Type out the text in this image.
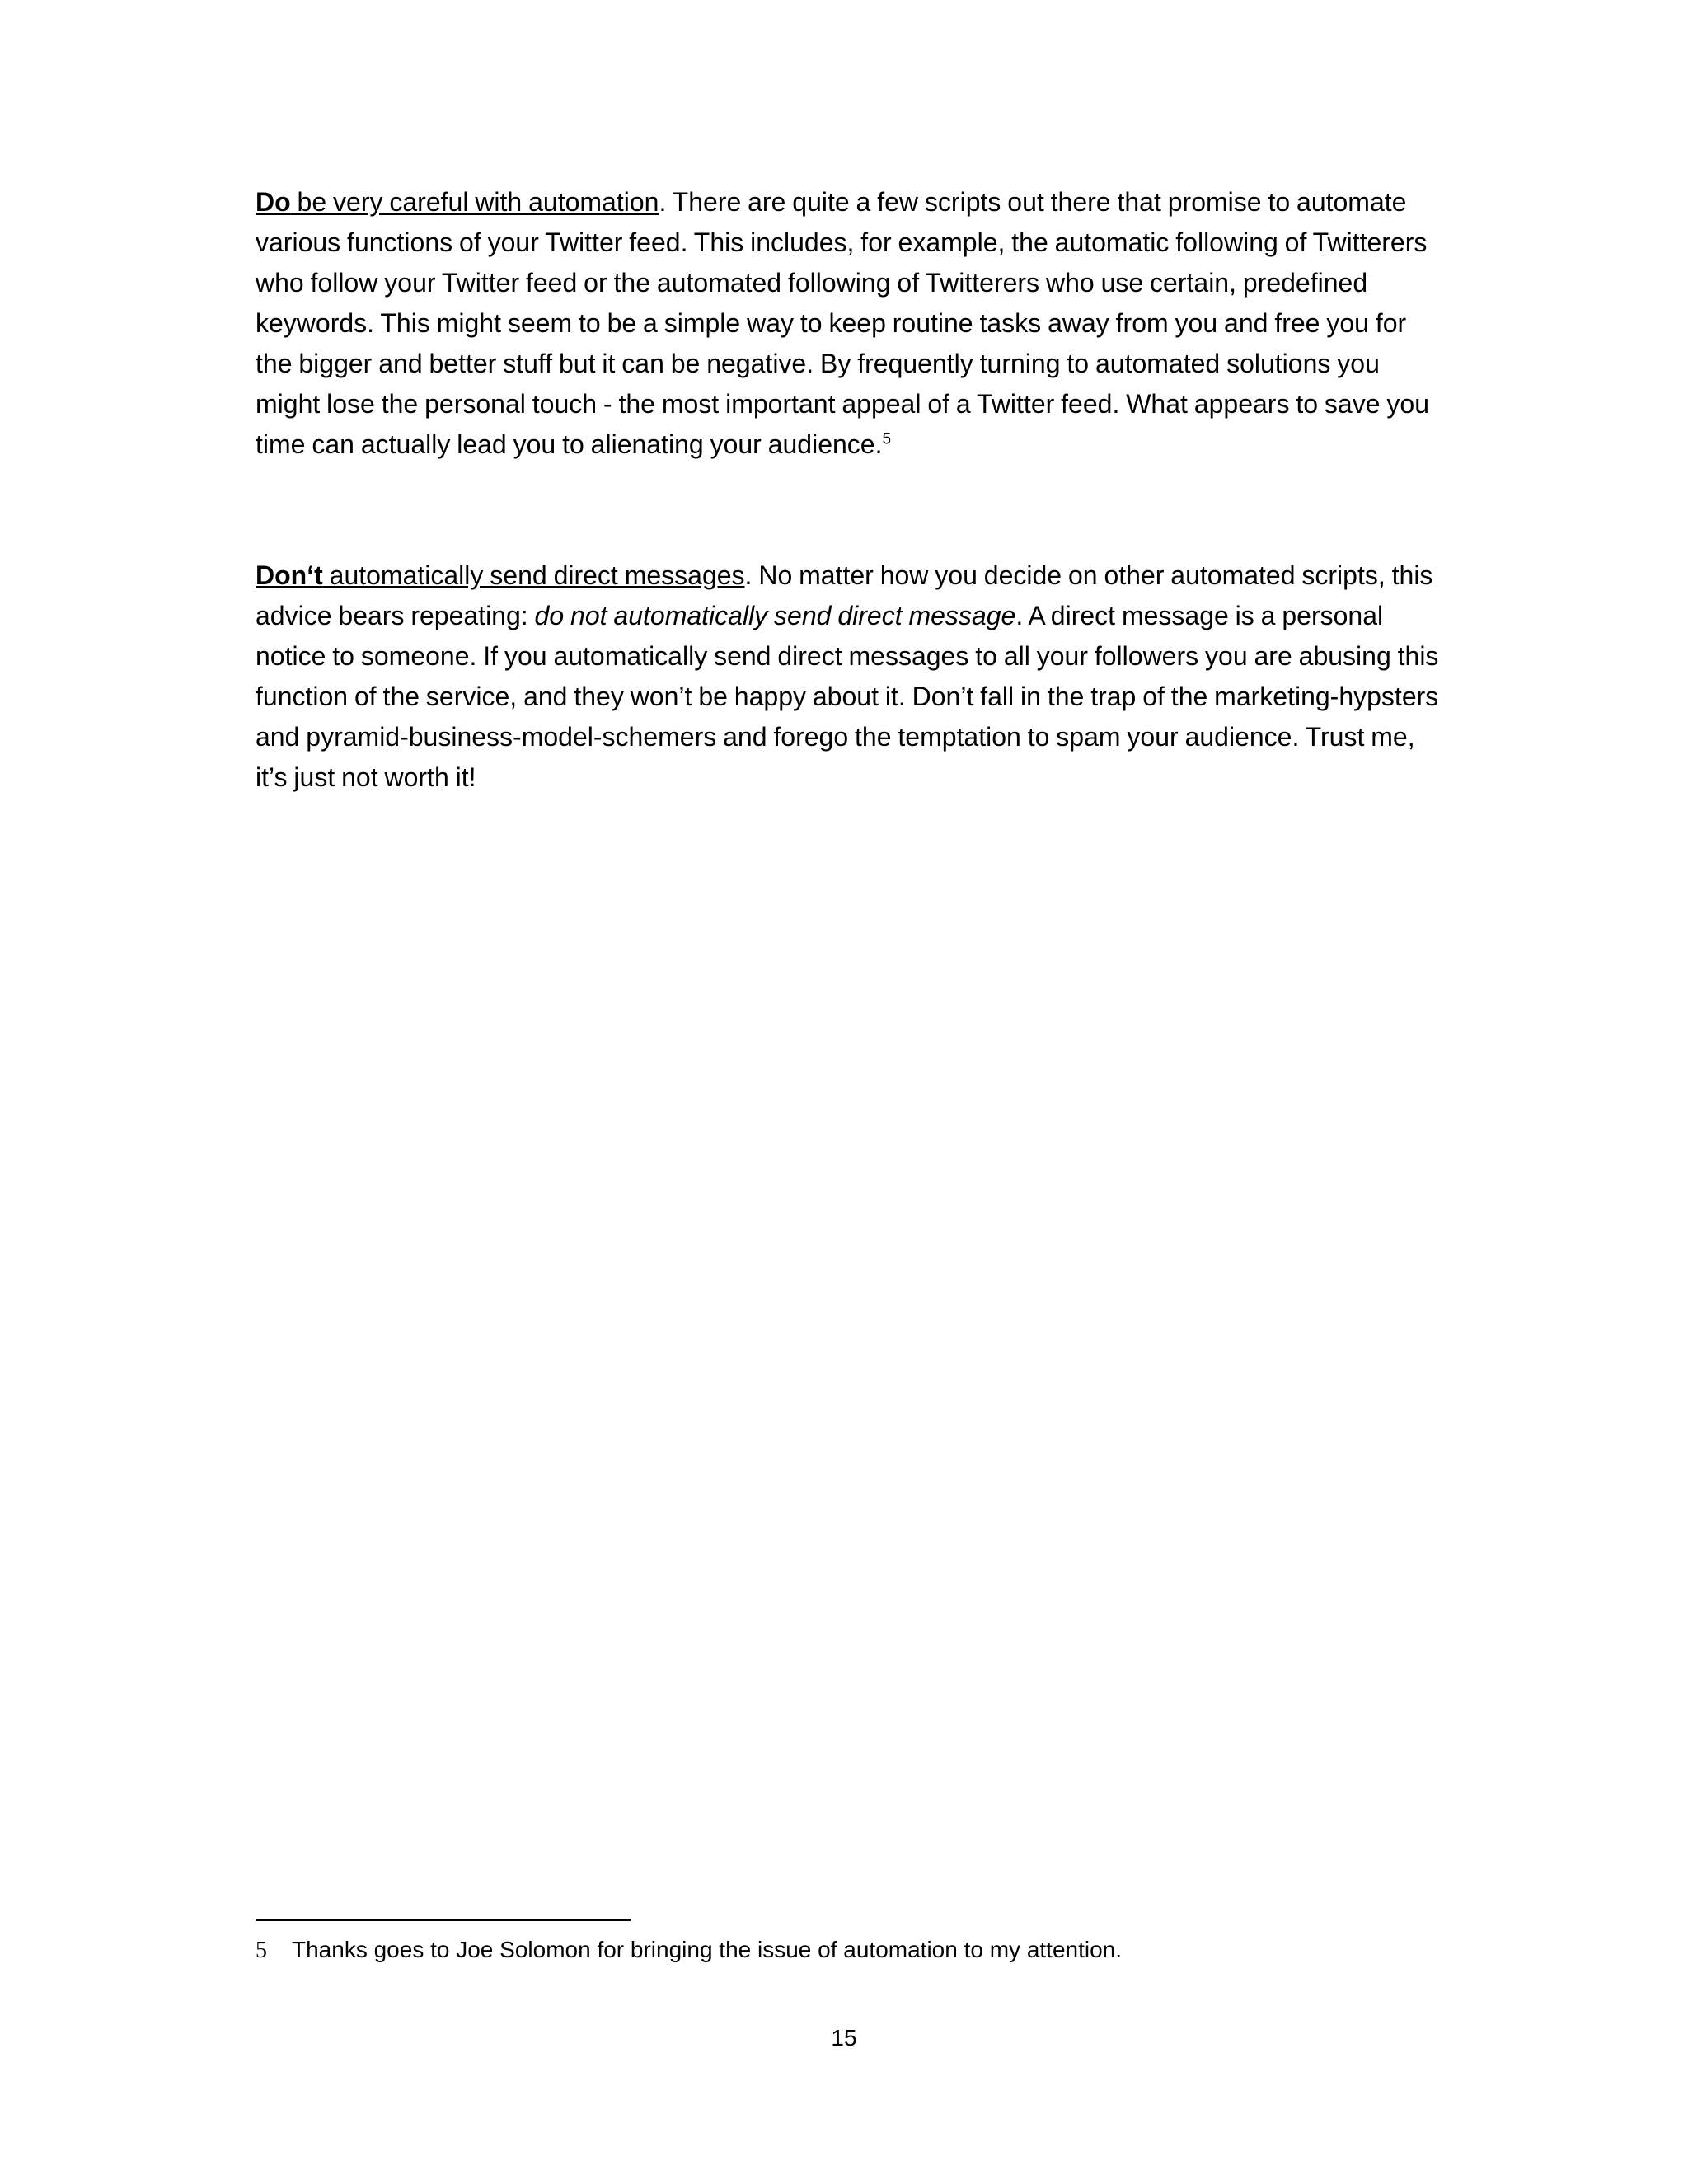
Do be very careful with automation. There are quite a few scripts out there that promise to automate various functions of your Twitter feed. This includes, for example, the automatic following of Twitterers who follow your Twitter feed or the automated following of Twitterers who use certain, predefined keywords. This might seem to be a simple way to keep routine tasks away from you and free you for the bigger and better stuff but it can be negative. By frequently turning to automated solutions you might lose the personal touch - the most important appeal of a Twitter feed. What appears to save you time can actually lead you to alienating your audience.$^5$

Don‘t automatically send direct messages. No matter how you decide on other automated scripts, this advice bears repeating: do not automatically send direct message. A direct message is a personal notice to someone. If you automatically send direct messages to all your followers you are abusing this function of the service, and they won’t be happy about it. Don’t fall in the trap of the marketing-hypsters and pyramid-business-model-schemers and forego the temptation to spam your audience. Trust me, it’s just not worth it!

5 Thanks goes to Joe Solomon for bringing the issue of automation to my attention.

15
